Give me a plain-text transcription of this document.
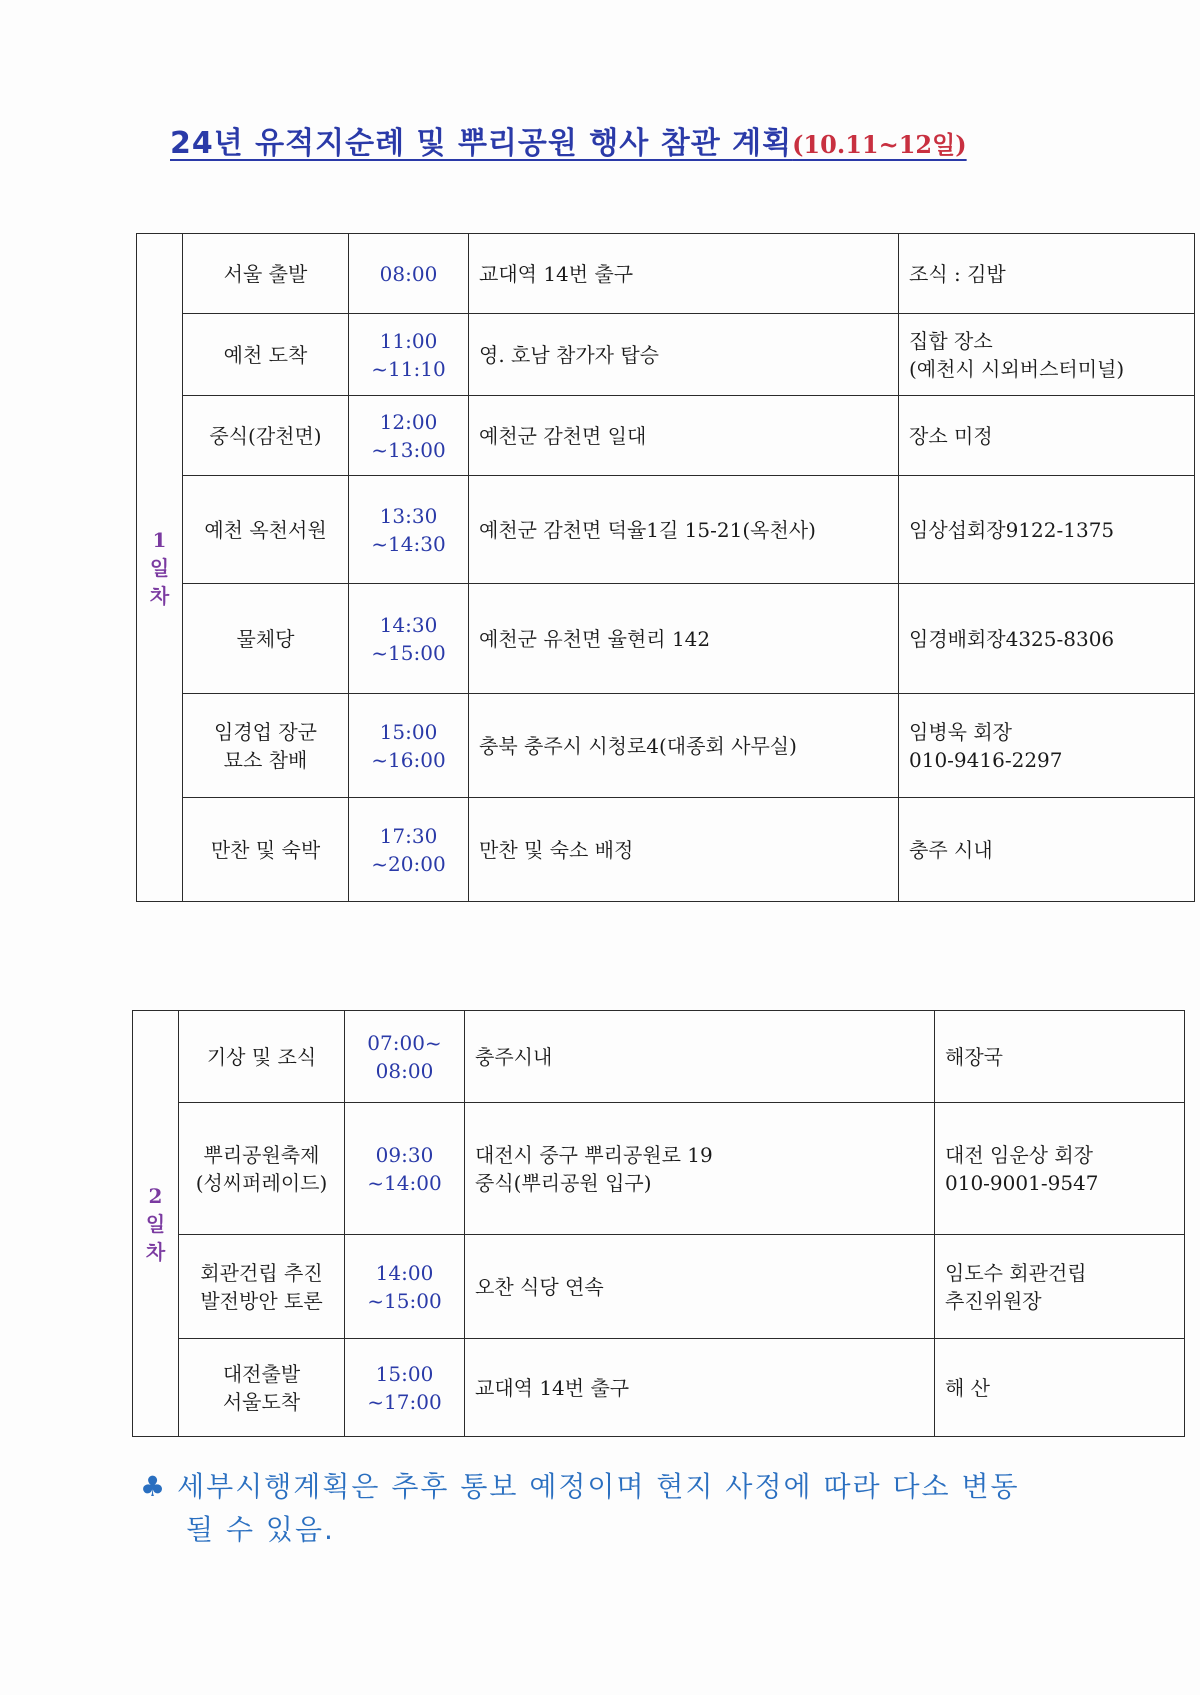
24년 유적지순례 및 뿌리공원 행사 참관 계획(10.11~12일)
1
일
차	서울 출발	08:00	교대역 14번 출구	조식 : 김밥

	예천 도착	11:00
~11:10	영. 호남 참가자 탑승	집합 장소
(예천시 시외버스터미널)

	중식(감천면)	12:00
~13:00	예천군 감천면 일대	장소 미정

	예천 옥천서원	13:30
~14:30	예천군 감천면 덕율1길 15-21(옥천사)	임상섭회장9122-1375

	물체당	14:30
~15:00	예천군 유천면 율현리 142	임경배회장4325-8306

	임경업 장군
묘소 참배	15:00
~16:00	충북 충주시 시청로4(대종회 사무실)	임병욱 회장
010-9416-2297

	만찬 및 숙박	17:30
~20:00	만찬 및 숙소 배정	충주 시내
2
일
차	기상 및 조식	07:00~
08:00	충주시내	해장국

	뿌리공원축제
(성씨퍼레이드)	09:30
~14:00	대전시 중구 뿌리공원로 19
중식(뿌리공원 입구)	대전 임운상 회장
010-9001-9547

	회관건립 추진
발전방안 토론	14:00
~15:00	오찬 식당 연속	임도수 회관건립
추진위원장

	대전출발
서울도착	15:00
~17:00	교대역 14번 출구	해 산
♣ 세부시행계획은 추후 통보 예정이며 현지 사정에 따라 다소 변동
될 수 있음.
